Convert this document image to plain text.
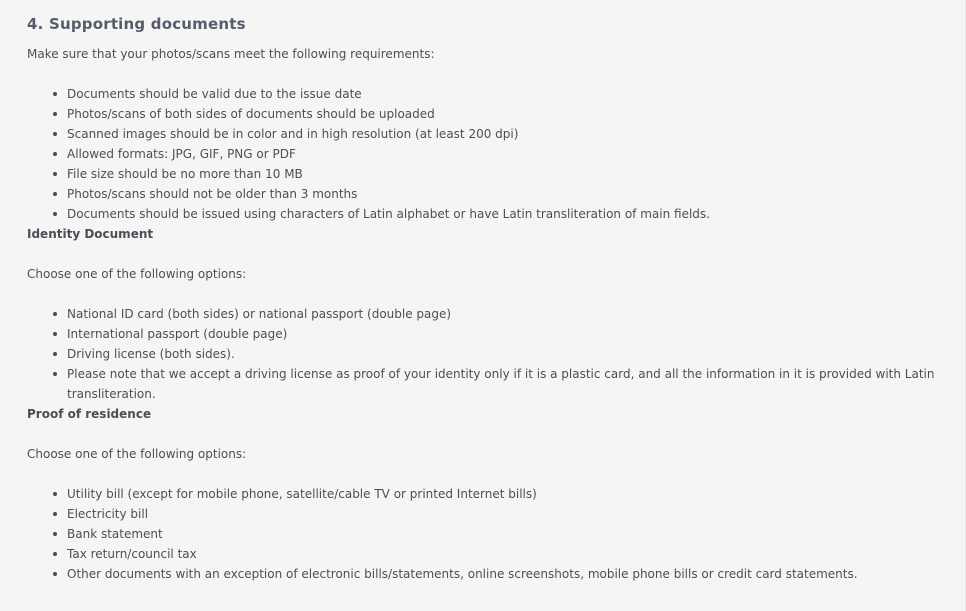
4. Supporting documents

Make sure that your photos/scans meet the following requirements:

Documents should be valid due to the issue date
Photos/scans of both sides of documents should be uploaded
Scanned images should be in color and in high resolution (at least 200 dpi)
Allowed formats: JPG, GIF, PNG or PDF
File size should be no more than 10 MB
Photos/scans should not be older than 3 months
Documents should be issued using characters of Latin alphabet or have Latin transliteration of main fields.
Identity Document

Choose one of the following options:

National ID card (both sides) or national passport (double page)
International passport (double page)
Driving license (both sides).
Please note that we accept a driving license as proof of your identity only if it is a plastic card, and all the information in it is provided with Latin transliteration.
Proof of residence

Choose one of the following options:

Utility bill (except for mobile phone, satellite/cable TV or printed Internet bills)
Electricity bill
Bank statement
Tax return/council tax
Other documents with an exception of electronic bills/statements, online screenshots, mobile phone bills or credit card statements.
